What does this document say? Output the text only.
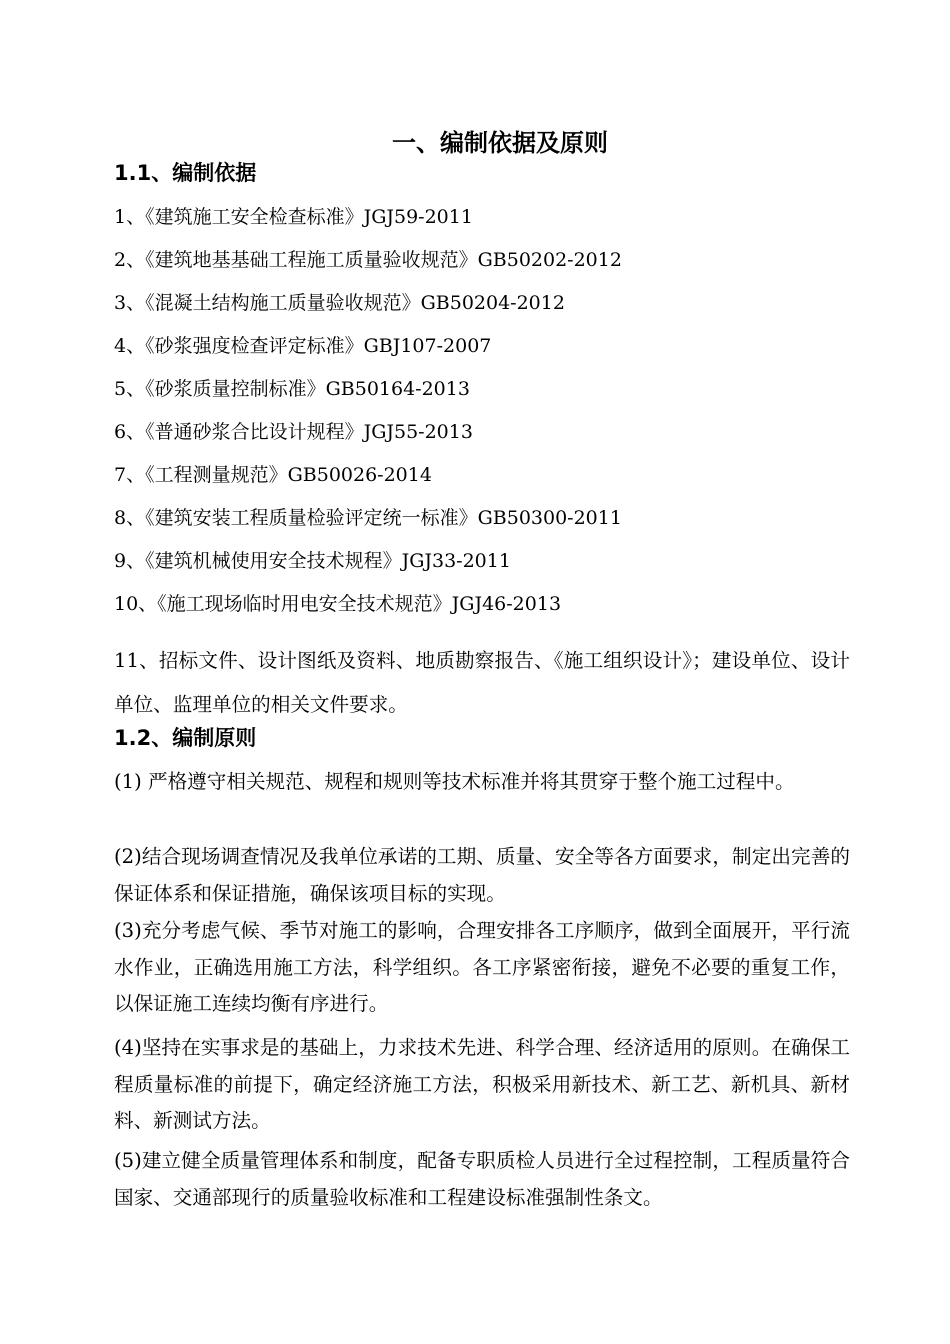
一、编制依据及原则
1.1、编制依据
1、《建筑施工安全检查标准》JGJ59-2011
2、《建筑地基基础工程施工质量验收规范》GB50202-2012
3、《混凝土结构施工质量验收规范》GB50204-2012
4、《砂浆强度检查评定标准》GBJ107-2007
5、《砂浆质量控制标准》GB50164-2013
6、《普通砂浆合比设计规程》JGJ55-2013
7、《工程测量规范》GB50026-2014
8、《建筑安装工程质量检验评定统一标准》GB50300-2011
9、《建筑机械使用安全技术规程》JGJ33-2011
10、《施工现场临时用电安全技术规范》JGJ46-2013
11、招标文件、设计图纸及资料、地质勘察报告、《施工组织设计》；建设单位、设计单位、监理单位的相关文件要求。
1.2、编制原则
(1) 严格遵守相关规范、规程和规则等技术标准并将其贯穿于整个施工过程中。
(2)结合现场调查情况及我单位承诺的工期、质量、安全等各方面要求，制定出完善的保证体系和保证措施，确保该项目标的实现。
(3)充分考虑气候、季节对施工的影响，合理安排各工序顺序，做到全面展开，平行流水作业，正确选用施工方法，科学组织。各工序紧密衔接，避免不必要的重复工作，以保证施工连续均衡有序进行。
(4)坚持在实事求是的基础上，力求技术先进、科学合理、经济适用的原则。在确保工程质量标准的前提下，确定经济施工方法，积极采用新技术、新工艺、新机具、新材料、新测试方法。
(5)建立健全质量管理体系和制度，配备专职质检人员进行全过程控制，工程质量符合国家、交通部现行的质量验收标准和工程建设标准强制性条文。
